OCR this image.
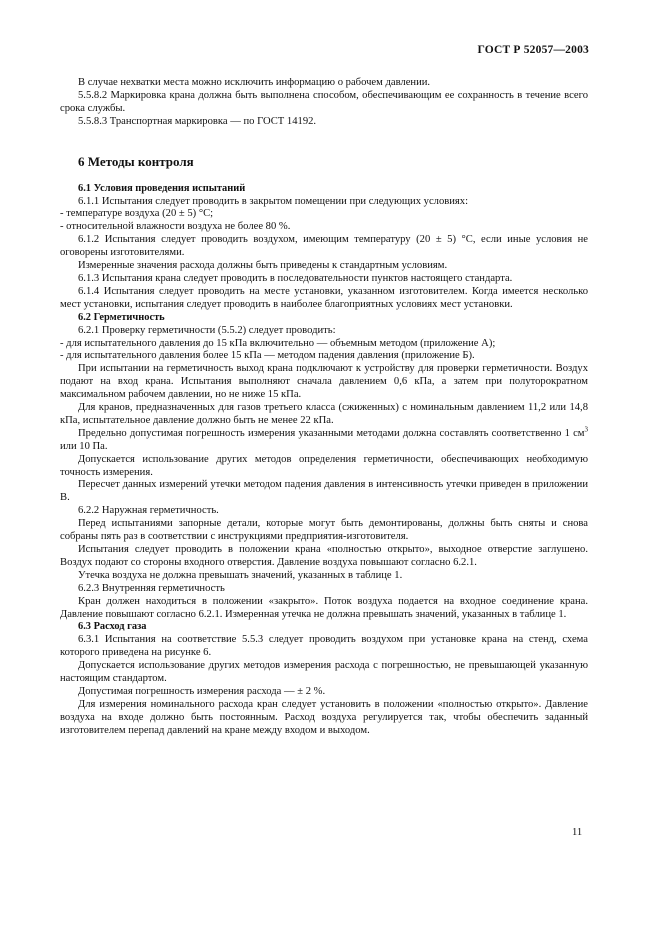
ГОСТ Р 52057—2003

В случае нехватки места можно исключить информацию о рабочем давлении.

5.5.8.2 Маркировка крана должна быть выполнена способом, обеспечивающим ее сохранность в течение всего срока службы.

5.5.8.3 Транспортная маркировка — по ГОСТ 14192.

6 Методы контроля
6.1 Условия проведения испытаний

6.1.1 Испытания следует проводить в закрытом помещении при следующих условиях:

- температуре воздуха (20 ± 5) °С;

- относительной влажности воздуха не более 80 %.

6.1.2 Испытания следует проводить воздухом, имеющим температуру (20 ± 5) °С, если иные условия не оговорены изготовителями.

Измеренные значения расхода должны быть приведены к стандартным условиям.

6.1.3 Испытания крана следует проводить в последовательности пунктов настоящего стандарта.

6.1.4 Испытания следует проводить на месте установки, указанном изготовителем. Когда имеется несколько мест установки, испытания следует проводить в наиболее благоприятных условиях мест установки.

6.2 Герметичность

6.2.1 Проверку герметичности (5.5.2) следует проводить:

- для испытательного давления до 15 кПа включительно — объемным методом (приложение А);

- для испытательного давления более 15 кПа — методом падения давления (приложение Б).

При испытании на герметичность выход крана подключают к устройству для проверки герметичности. Воздух подают на вход крана. Испытания выполняют сначала давлением 0,6 кПа, а затем при полуторократном максимальном рабочем давлении, но не ниже 15 кПа.

Для кранов, предназначенных для газов третьего класса (сжиженных) с номинальным давлением 11,2 или 14,8 кПа, испытательное давление должно быть не менее 22 кПа.

Предельно допустимая погрешность измерения указанными методами должна составлять соответственно 1 $см^3$ или 10 Па.

Допускается использование других методов определения герметичности, обеспечивающих необходимую точность измерения.

Пересчет данных измерений утечки методом падения давления в интенсивность утечки приведен в приложении В.

6.2.2 Наружная герметичность.

Перед испытаниями запорные детали, которые могут быть демонтированы, должны быть сняты и снова собраны пять раз в соответствии с инструкциями предприятия-изготовителя.

Испытания следует проводить в положении крана «полностью открыто», выходное отверстие заглушено. Воздух подают со стороны входного отверстия. Давление воздуха повышают согласно 6.2.1.

Утечка воздуха не должна превышать значений, указанных в таблице 1.

6.2.3 Внутренняя герметичность

Кран должен находиться в положении «закрыто». Поток воздуха подается на входное соединение крана. Давление повышают согласно 6.2.1. Измеренная утечка не должна превышать значений, указанных в таблице 1.

6.3 Расход газа

6.3.1 Испытания на соответствие 5.5.3 следует проводить воздухом при установке крана на стенд, схема которого приведена на рисунке 6.

Допускается использование других методов измерения расхода с погрешностью, не превышающей указанную настоящим стандартом.

Допустимая погрешность измерения расхода — ± 2 %.

Для измерения номинального расхода кран следует установить в положении «полностью открыто». Давление воздуха на входе должно быть постоянным. Расход воздуха регулируется так, чтобы обеспечить заданный изготовителем перепад давлений на кране между входом и выходом.

11
